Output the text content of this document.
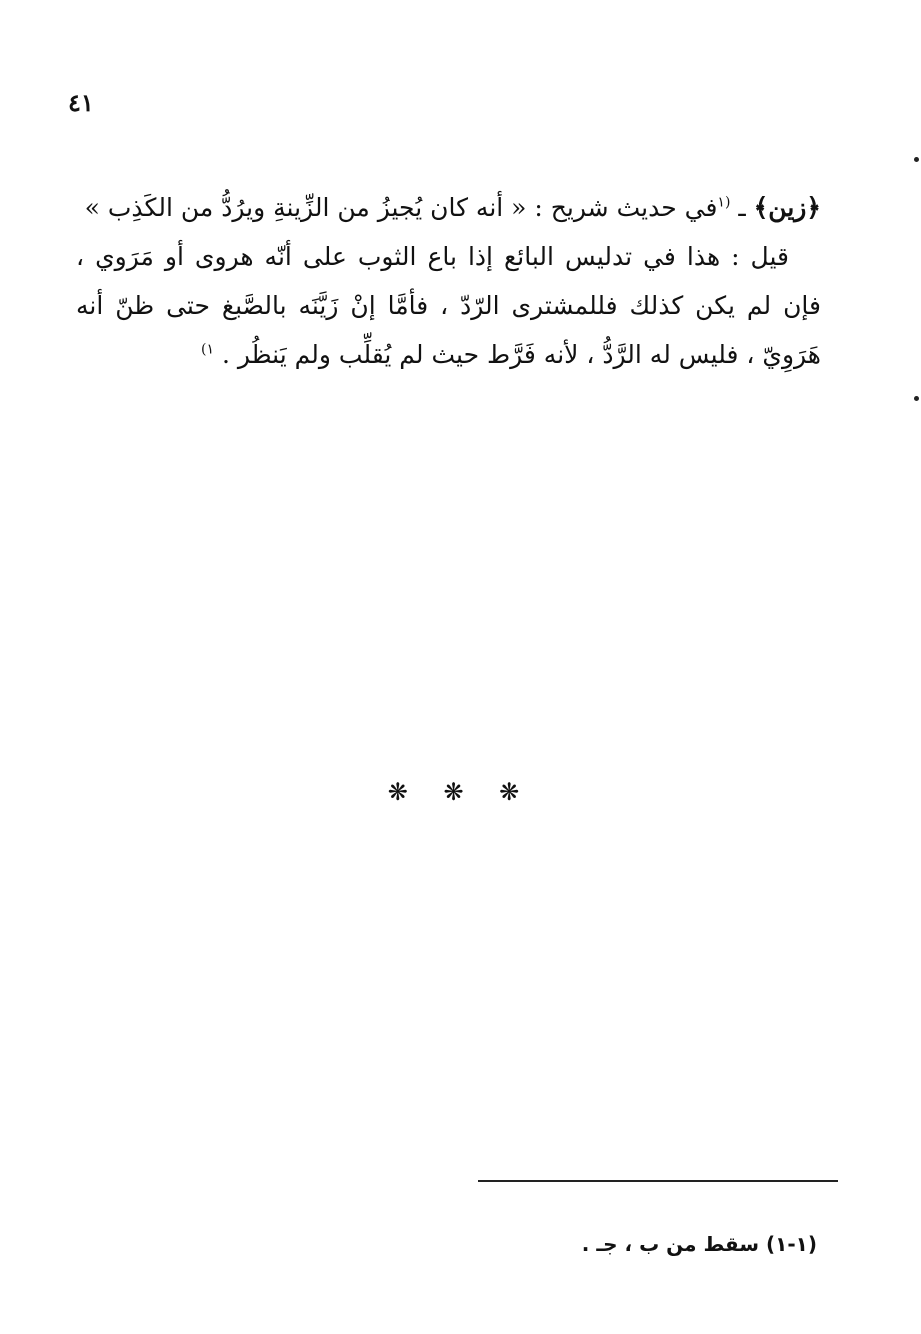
٤١

﴿زين﴾ ـ $^{(١}$في حديث شريح : « أنه كان يُجيزُ من الزِّينةِ ويرُدُّ من الكَذِب »

قيل : هذا في تدليس البائع إذا باع الثوب على أنّه هروى أو مَرَوي ، فإن لم يكن كذلك فللمشترى الرّدّ ، فأمَّا إنْ زَيَّنَه بالصَّبغ حتى ظنّ أنه هَرَوِيّ ، فليس له الرَّدُّ ، لأنه فَرَّط حيث لم يُقلِّب ولم يَنظُر . $^{١)}$

❋ ❋ ❋
(١-١) سقط من ب ، جـ .
